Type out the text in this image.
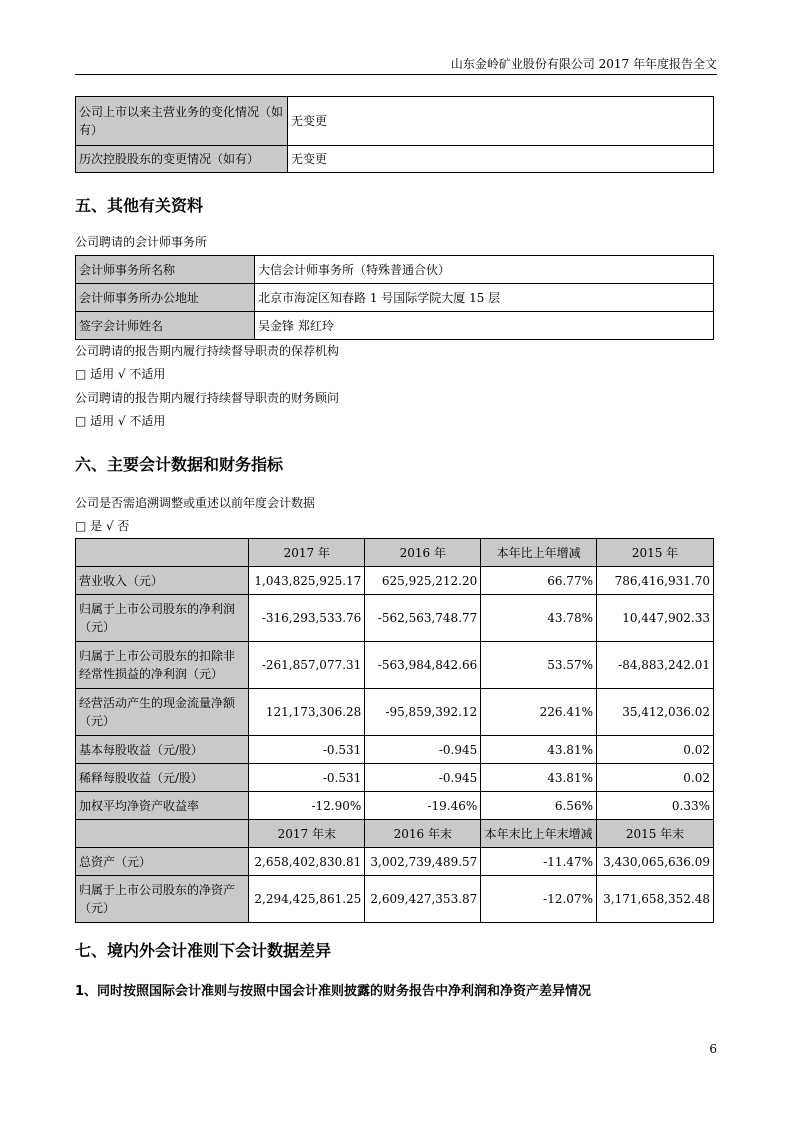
山东金岭矿业股份有限公司 2017 年年度报告全文
公司上市以来主营业务的变化情况（如有）	无变更
历次控股股东的变更情况（如有）	无变更
五、其他有关资料
公司聘请的会计师事务所
会计师事务所名称	大信会计师事务所（特殊普通合伙）
会计师事务所办公地址	北京市海淀区知春路 1 号国际学院大厦 15 层
签字会计师姓名	吴金锋 郑红玲
公司聘请的报告期内履行持续督导职责的保荐机构
□ 适用 √ 不适用
公司聘请的报告期内履行持续督导职责的财务顾问
□ 适用 √ 不适用
六、主要会计数据和财务指标
公司是否需追溯调整或重述以前年度会计数据
□ 是 √ 否
	2017 年	2016 年	本年比上年增减	2015 年
营业收入（元）	1,043,825,925.17	625,925,212.20	66.77%	786,416,931.70
归属于上市公司股东的净利润（元）	-316,293,533.76	-562,563,748.77	43.78%	10,447,902.33
归属于上市公司股东的扣除非经常性损益的净利润（元）	-261,857,077.31	-563,984,842.66	53.57%	-84,883,242.01
经营活动产生的现金流量净额（元）	121,173,306.28	-95,859,392.12	226.41%	35,412,036.02
基本每股收益（元/股）	-0.531	-0.945	43.81%	0.02
稀释每股收益（元/股）	-0.531	-0.945	43.81%	0.02
加权平均净资产收益率	-12.90%	-19.46%	6.56%	0.33%
	2017 年末	2016 年末	本年末比上年末增减	2015 年末
总资产（元）	2,658,402,830.81	3,002,739,489.57	-11.47%	3,430,065,636.09
归属于上市公司股东的净资产（元）	2,294,425,861.25	2,609,427,353.87	-12.07%	3,171,658,352.48
七、境内外会计准则下会计数据差异
1、同时按照国际会计准则与按照中国会计准则披露的财务报告中净利润和净资产差异情况
6
